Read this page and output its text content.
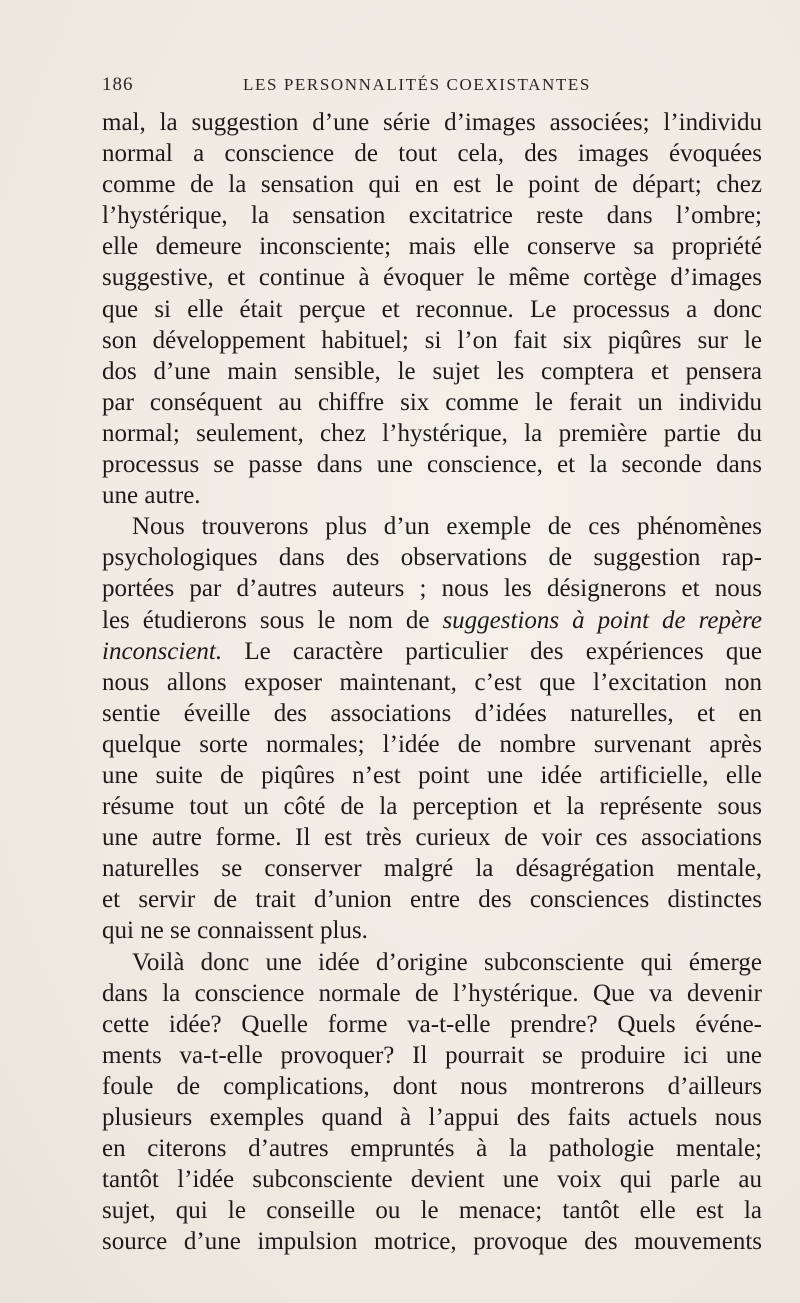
186	LES PERSONNALITÉS COEXISTANTES
mal, la suggestion d’une série d’images associées; l’individu
normal a conscience de tout cela, des images évoquées
comme de la sensation qui en est le point de départ; chez
l’hystérique, la sensation excitatrice reste dans l’ombre;
elle demeure inconsciente; mais elle conserve sa propriété
suggestive, et continue à évoquer le même cortège d’images
que si elle était perçue et reconnue. Le processus a donc
son développement habituel; si l’on fait six piqûres sur le
dos d’une main sensible, le sujet les comptera et pensera
par conséquent au chiffre six comme le ferait un individu
normal; seulement, chez l’hystérique, la première partie du
processus se passe dans une conscience, et la seconde dans
une autre.
Nous trouverons plus d’un exemple de ces phénomènes
psychologiques dans des observations de suggestion rap-
portées par d’autres auteurs ; nous les désignerons et nous
les étudierons sous le nom de suggestions à point de repère
inconscient. Le caractère particulier des expériences que
nous allons exposer maintenant, c’est que l’excitation non
sentie éveille des associations d’idées naturelles, et en
quelque sorte normales; l’idée de nombre survenant après
une suite de piqûres n’est point une idée artificielle, elle
résume tout un côté de la perception et la représente sous
une autre forme. Il est très curieux de voir ces associations
naturelles se conserver malgré la désagrégation mentale,
et servir de trait d’union entre des consciences distinctes
qui ne se connaissent plus.
Voilà donc une idée d’origine subconsciente qui émerge
dans la conscience normale de l’hystérique. Que va devenir
cette idée? Quelle forme va-t-elle prendre? Quels événe-
ments va-t-elle provoquer? Il pourrait se produire ici une
foule de complications, dont nous montrerons d’ailleurs
plusieurs exemples quand à l’appui des faits actuels nous
en citerons d’autres empruntés à la pathologie mentale;
tantôt l’idée subconsciente devient une voix qui parle au
sujet, qui le conseille ou le menace; tantôt elle est la
source d’une impulsion motrice, provoque des mouvements
